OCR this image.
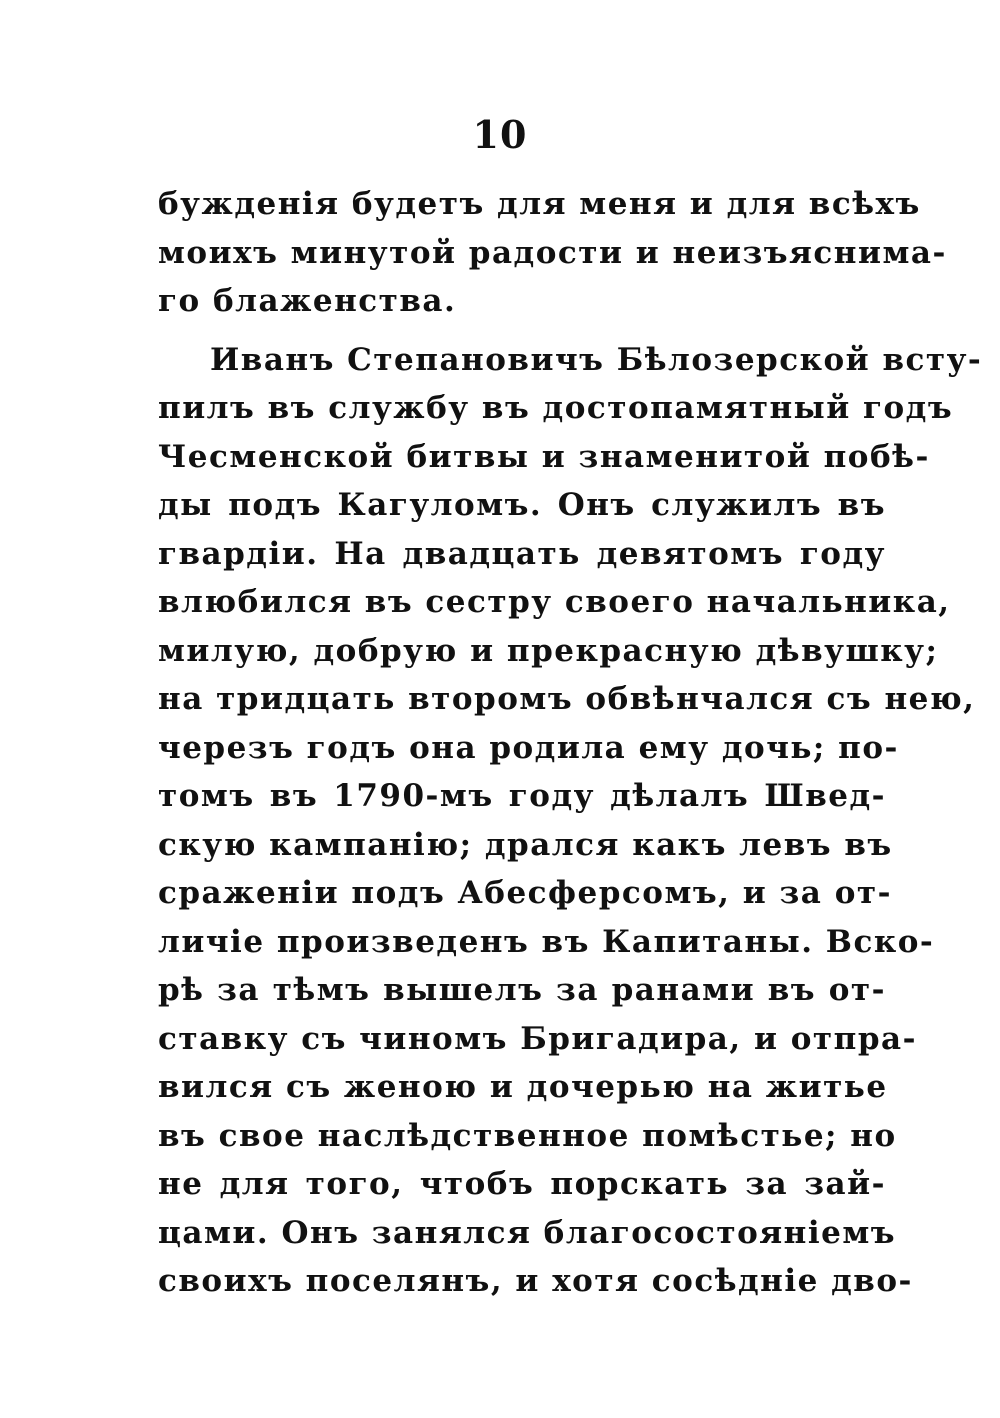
10
бужденія будетъ для меня и для всѣхъ
моихъ минутой радости и неизъяснима-
го блаженства.
Иванъ Степановичъ Бѣлозерской всту-
пилъ въ службу въ достопамятный годъ
Чесменской битвы и знаменитой побѣ-
ды подъ Кагуломъ. Онъ служилъ въ
гвардіи. На двадцать девятомъ году
влюбился въ сестру своего начальника,
милую, добрую и прекрасную дѣвушку;
на тридцать второмъ обвѣнчался съ нею,
черезъ годъ она родила ему дочь; по-
томъ въ 1790-мъ году дѣлалъ Швед-
скую кампанію; дрался какъ левъ въ
сраженіи подъ Абесферсомъ, и за от-
личіе произведенъ въ Капитаны. Вско-
рѣ за тѣмъ вышелъ за ранами въ от-
ставку съ чиномъ Бригадира, и отпра-
вился съ женою и дочерью на житье
въ свое наслѣдственное помѣстье; но
не для того, чтобъ порскать за зай-
цами. Онъ занялся благосостояніемъ
своихъ поселянъ, и хотя сосѣдніе дво-
